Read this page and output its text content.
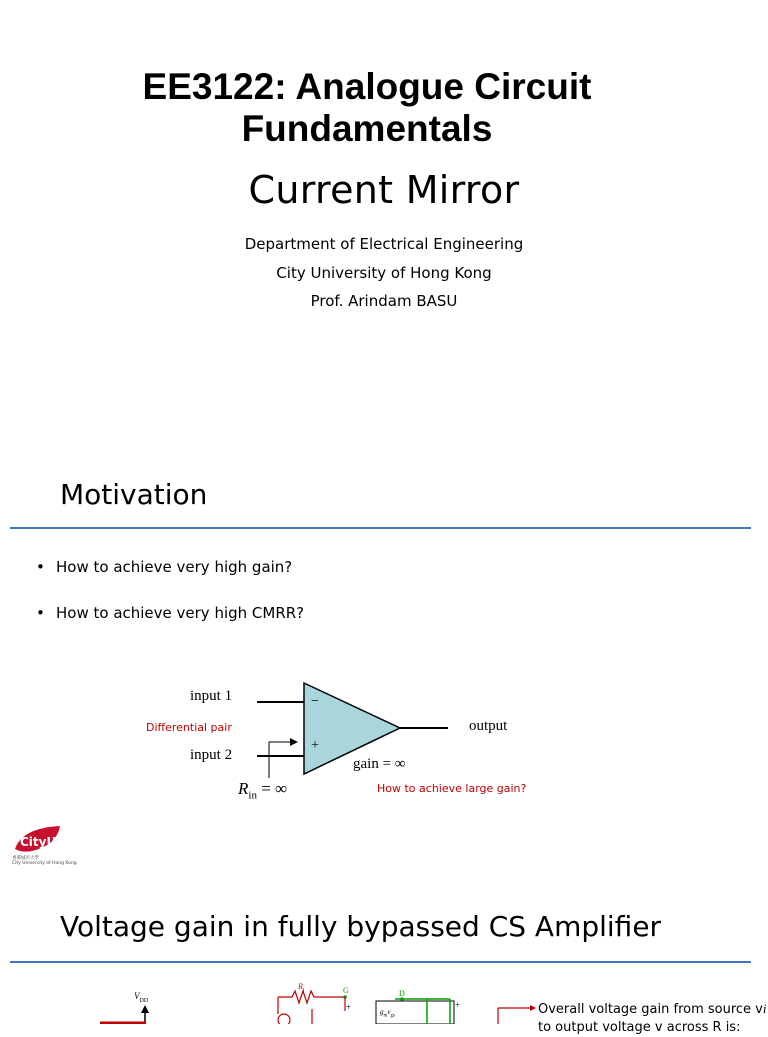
EE3122: Analogue Circuit
Fundamentals
Current Mirror
Department of Electrical Engineering
City University of Hong Kong
Prof. Arindam BASU
Motivation
• How to achieve very high gain?
• How to achieve very high CMRR?
input 1
input 2
−
+
output
Differential pair
gain = ∞
$R_{in}$ = ∞	How to achieve large gain?
CityU
香港城市大學
City University of Hong Kong
Voltage gain in fully bypassed CS Amplifier
$V_{DD}$
$R_i$	G	D
+	+
$g_mv_{gs}$	Overall voltage gain from source vi
to output voltage v across R is:
